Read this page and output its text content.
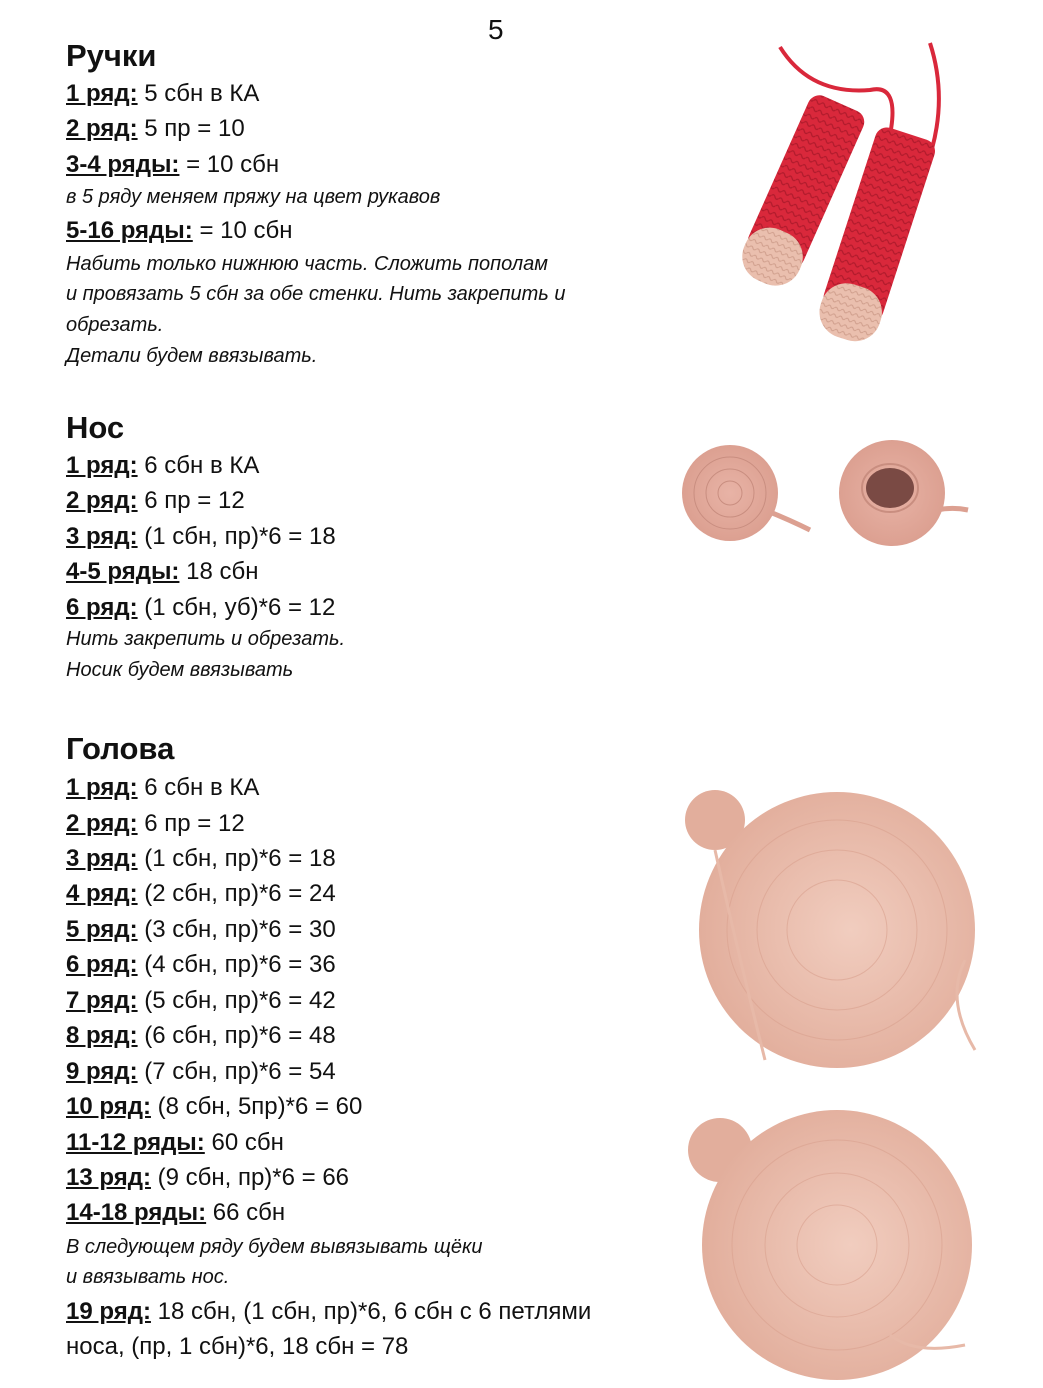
5
Ручки
1 ряд: 5 сбн в КА
2 ряд: 5 пр = 10
3-4 ряды: = 10 сбн
в 5 ряду меняем пряжу на цвет рукавов
5-16 ряды: = 10 сбн
Набить только нижнюю часть. Сложить пополам
и провязать 5 сбн за обе стенки. Нить закрепить и
обрезать.
Детали будем ввязывать.
Нос
1 ряд: 6 сбн в КА
2 ряд: 6 пр = 12
3 ряд: (1 сбн, пр)*6 = 18
4-5 ряды: 18 сбн
6 ряд: (1 сбн, уб)*6 = 12
Нить закрепить и обрезать.
Носик будем ввязывать
Голова
1 ряд: 6 сбн в КА
2 ряд: 6 пр = 12
3 ряд: (1 сбн, пр)*6 = 18
4 ряд: (2 сбн, пр)*6 = 24
5 ряд: (3 сбн, пр)*6 = 30
6 ряд: (4 сбн, пр)*6 = 36
7 ряд: (5 сбн, пр)*6 = 42
8 ряд: (6 сбн, пр)*6 = 48
9 ряд: (7 сбн, пр)*6 = 54
10 ряд: (8 сбн, 5пр)*6 = 60
11-12 ряды: 60 сбн
13 ряд: (9 сбн, пр)*6 = 66
14-18 ряды: 66 сбн
В следующем ряду будем вывязывать щёки
и ввязывать нос.
19 ряд: 18 сбн, (1 сбн, пр)*6, 6 сбн с 6 петлями
носа, (пр, 1 сбн)*6, 18 сбн = 78
